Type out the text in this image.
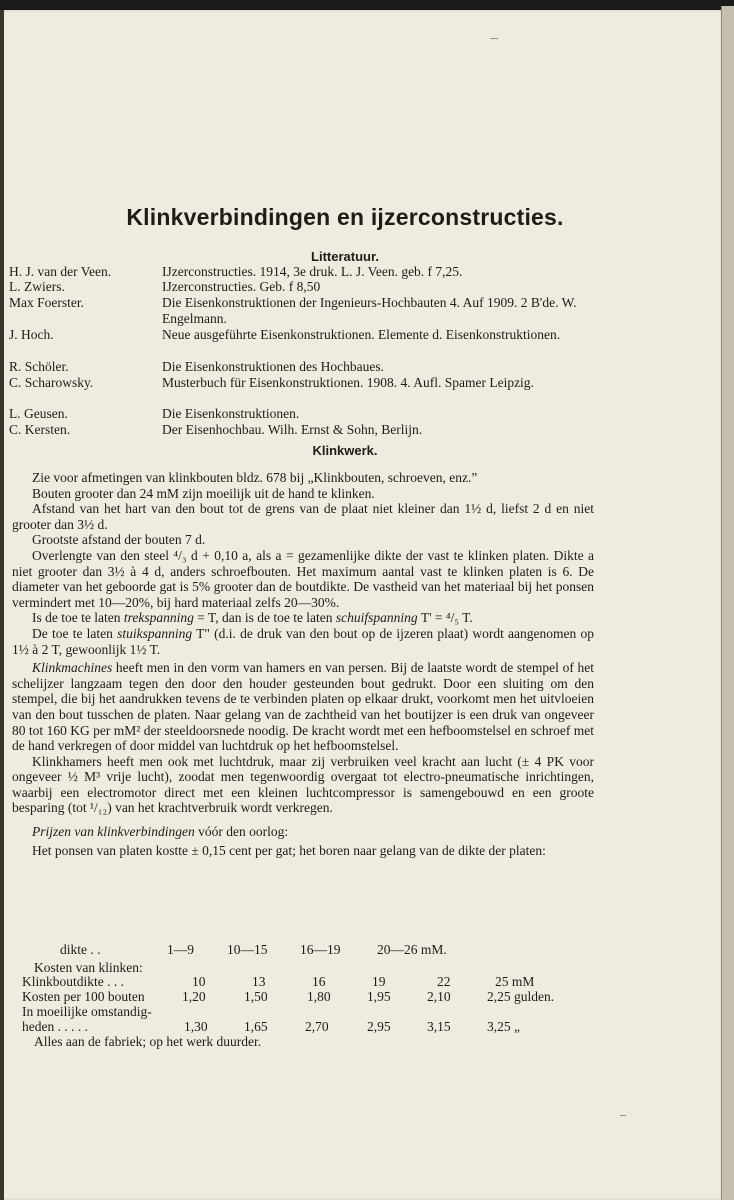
Klinkverbindingen en ijzerconstructies.
Litteratuur.
H. J. van der Veen.	IJzerconstructies. 1914, 3e druk. L. J. Veen. geb. f 7,25.
L. Zwiers.	IJzerconstructies. Geb. f 8,50
Max Foerster.	Die Eisenkonstruktionen der Ingenieurs-Hochbauten 4. Auf 1909. 2 B'de. W. Engelmann.
J. Hoch.	Neue ausgeführte Eisenkonstruktionen. Elemente d. Eisenkonstruktionen.
R. Schöler.	Die Eisenkonstruktionen des Hochbaues.
C. Scharowsky.	Musterbuch für Eisenkonstruktionen. 1908. 4. Aufl. Spamer Leipzig.
L. Geusen.	Die Eisenkonstruktionen.
C. Kersten.	Der Eisenhochbau. Wilh. Ernst & Sohn, Berlijn.
Klinkwerk.

Zie voor afmetingen van klinkbouten bldz. 678 bij „Klinkbouten, schroeven, enz.”

Bouten grooter dan 24 mM zijn moeilijk uit de hand te klinken.

Afstand van het hart van den bout tot de grens van de plaat niet kleiner dan 1½ d, liefst 2 d en niet grooter dan 3½ d.

Grootste afstand der bouten 7 d.

Overlengte van den steel ⁴/₃ d + 0,10 a, als a = gezamenlijke dikte der vast te klinken platen. Dikte a niet grooter dan 3½ à 4 d, anders schroefbouten. Het maximum aantal vast te klinken platen is 6. De diameter van het geboorde gat is 5% grooter dan de boutdikte. De vastheid van het materiaal bij het ponsen vermindert met 10—20%, bij hard materiaal zelfs 20—30%.

Is de toe te laten trekspanning = T, dan is de toe te laten schuifspanning T' = ⁴/₅ T.

De toe te laten stuikspanning T" (d.i. de druk van den bout op de ijzeren plaat) wordt aangenomen op 1½ à 2 T, gewoonlijk 1½ T.

Klinkmachines heeft men in den vorm van hamers en van persen. Bij de laatste wordt de stempel of het schelijzer langzaam tegen den door den houder gesteunden bout gedrukt. Door een sluiting om den stempel, die bij het aandrukken tevens de te verbinden platen op elkaar drukt, voorkomt men het uitvloeien van den bout tusschen de platen. Naar gelang van de zachtheid van het boutijzer is een druk van ongeveer 80 tot 160 KG per mM² der steeldoorsnede noodig. De kracht wordt met een hefboomstelsel en schroef met de hand verkregen of door middel van luchtdruk op het hefboomstelsel.

Klinkhamers heeft men ook met luchtdruk, maar zij verbruiken veel kracht aan lucht (± 4 PK voor ongeveer ½ M³ vrije lucht), zoodat men tegenwoordig overgaat tot electro-pneumatische inrichtingen, waarbij een electromotor direct met een kleinen luchtcompressor is samengebouwd en een groote besparing (tot ¹/₁₂) van het krachtverbruik wordt verkregen.

Prijzen van klinkverbindingen vóór den oorlog:

Het ponsen van platen kostte ± 0,15 cent per gat; het boren naar gelang van de dikte der platen:

dikte . .	1—9 10—15 16—19	20—26 mM.
Kosten van klinken:
Klinkboutdikte . . .	10	13	16	19	22	25 mM
Kosten per 100 bouten	1,20	1,50	1,80	1,95	2,10	2,25 gulden.
In moeilijke omstandig-
heden . . . . .	1,30	1,65	2,70	2,95	3,15	3,25 „
Alles aan de fabriek; op het werk duurder.
